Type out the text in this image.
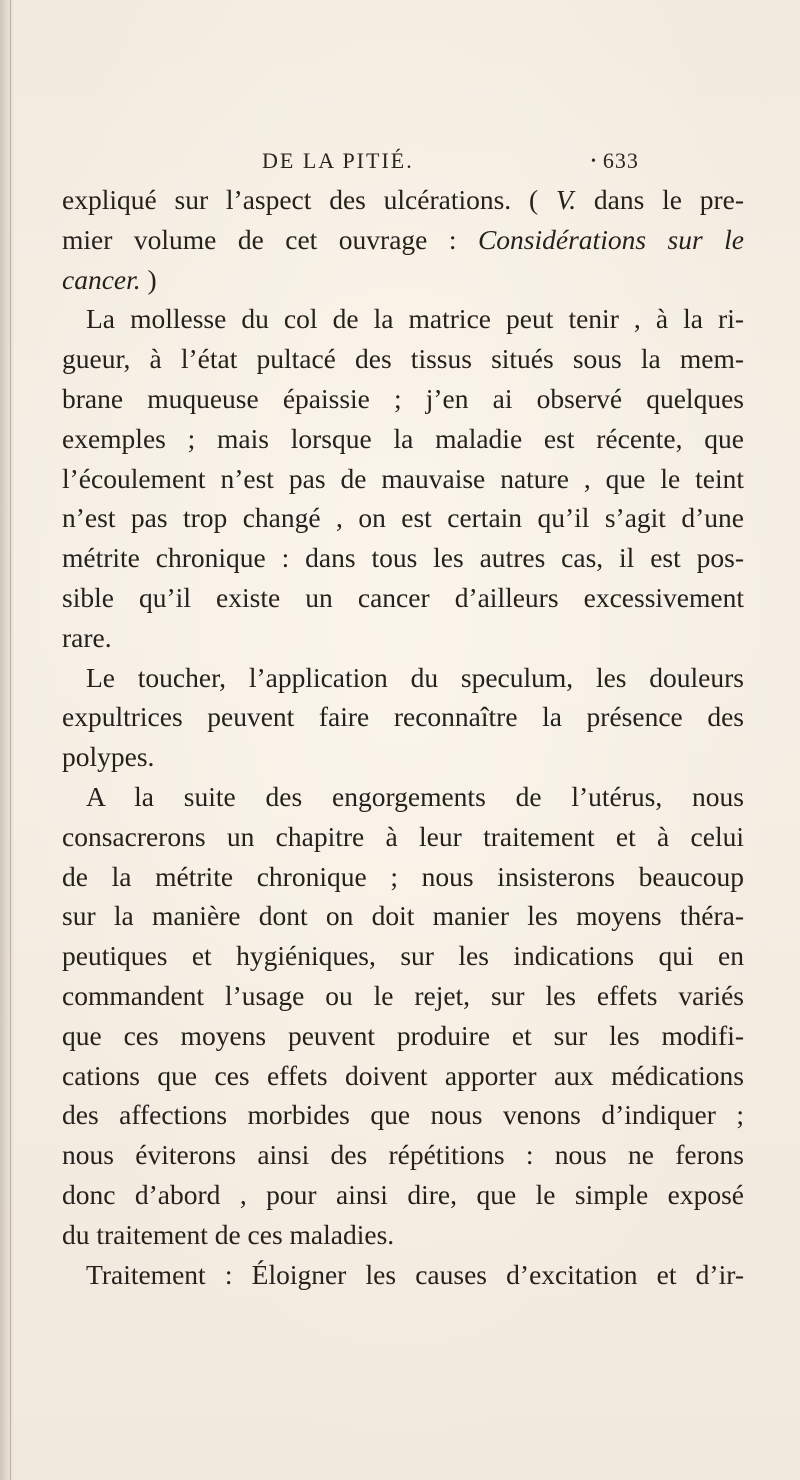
DE LA PITIÉ.	• 633
expliqué sur l’aspect des ulcérations. ( V. dans le pre-
mier volume de cet ouvrage : Considérations sur le
cancer. )
La mollesse du col de la matrice peut tenir , à la ri-
gueur, à l’état pultacé des tissus situés sous la mem-
brane muqueuse épaissie ; j’en ai observé quelques
exemples ; mais lorsque la maladie est récente, que
l’écoulement n’est pas de mauvaise nature , que le teint
n’est pas trop changé , on est certain qu’il s’agit d’une
métrite chronique : dans tous les autres cas, il est pos-
sible qu’il existe un cancer d’ailleurs excessivement
rare.
Le toucher, l’application du speculum, les douleurs
expultrices peuvent faire reconnaître la présence des
polypes.
A la suite des engorgements de l’utérus, nous
consacrerons un chapitre à leur traitement et à celui
de la métrite chronique ; nous insisterons beaucoup
sur la manière dont on doit manier les moyens théra-
peutiques et hygiéniques, sur les indications qui en
commandent l’usage ou le rejet, sur les effets variés
que ces moyens peuvent produire et sur les modifi-
cations que ces effets doivent apporter aux médications
des affections morbides que nous venons d’indiquer ;
nous éviterons ainsi des répétitions : nous ne ferons
donc d’abord , pour ainsi dire, que le simple exposé
du traitement de ces maladies.
Traitement : Éloigner les causes d’excitation et d’ir-
